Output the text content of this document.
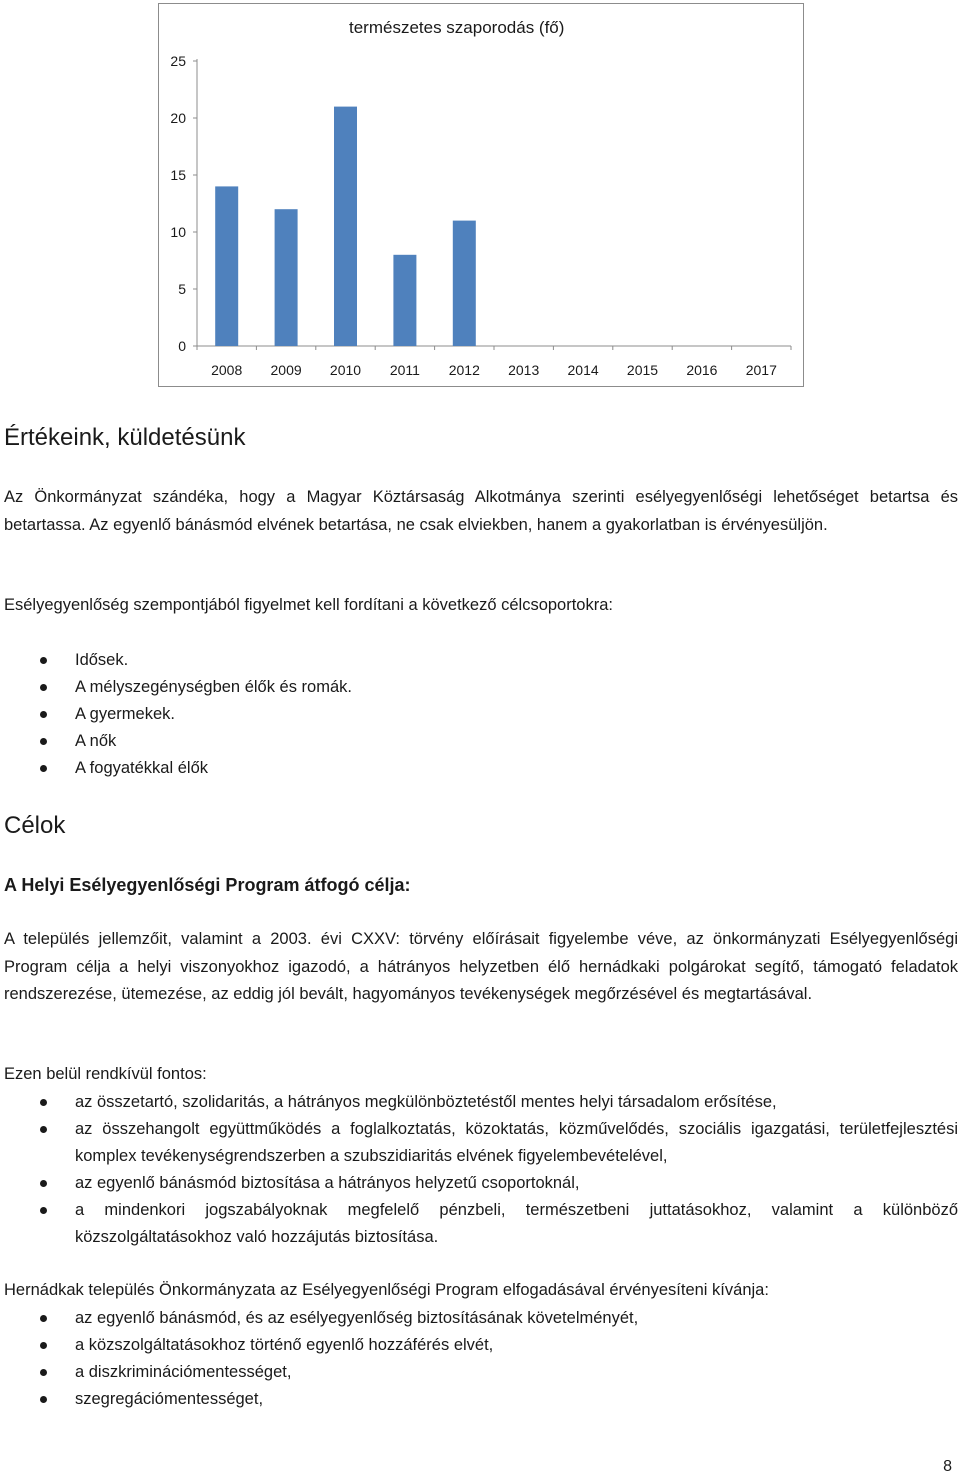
természetes szaporodás (fő)
0
5
10
15
20
25
2008 2009 2010 2011 2012 2013 2014 2015 2016 2017
Értékeink, küldetésünk

Az Önkormányzat szándéka, hogy a Magyar Köztársaság Alkotmánya szerinti esélyegyenlőségi lehetőséget betartsa és betartassa. Az egyenlő bánásmód elvének betartása, ne csak elviekben, hanem a gyakorlatban is érvényesüljön.

Esélyegyenlőség szempontjából figyelmet kell fordítani a következő célcsoportokra:

Idősek.
A mélyszegénységben élők és romák.
A gyermekek.
A nők
A fogyatékkal élők
Célok
A Helyi Esélyegyenlőségi Program átfogó célja:

A település jellemzőit, valamint a 2003. évi CXXV: törvény előírásait figyelembe véve, az önkormányzati Esélyegyenlőségi Program célja a helyi viszonyokhoz igazodó, a hátrányos helyzetben élő hernádkaki polgárokat segítő, támogató feladatok rendszerezése, ütemezése, az eddig jól bevált, hagyományos tevékenységek megőrzésével és megtartásával.

Ezen belül rendkívül fontos:

az összetartó, szolidaritás, a hátrányos megkülönböztetéstől mentes helyi társadalom erősítése,
az összehangolt együttműködés a foglalkoztatás, közoktatás, közművelődés, szociális igazgatási, területfejlesztési komplex tevékenységrendszerben a szubszidiaritás elvének figyelembevételével,
az egyenlő bánásmód biztosítása a hátrányos helyzetű csoportoknál,
a mindenkori jogszabályoknak megfelelő pénzbeli, természetbeni juttatásokhoz, valamint a különböző közszolgáltatásokhoz való hozzájutás biztosítása.

Hernádkak település Önkormányzata az Esélyegyenlőségi Program elfogadásával érvényesíteni kívánja:

az egyenlő bánásmód, és az esélyegyenlőség biztosításának követelményét,
a közszolgáltatásokhoz történő egyenlő hozzáférés elvét,
a diszkriminációmentességet,
szegregációmentességet,
8
